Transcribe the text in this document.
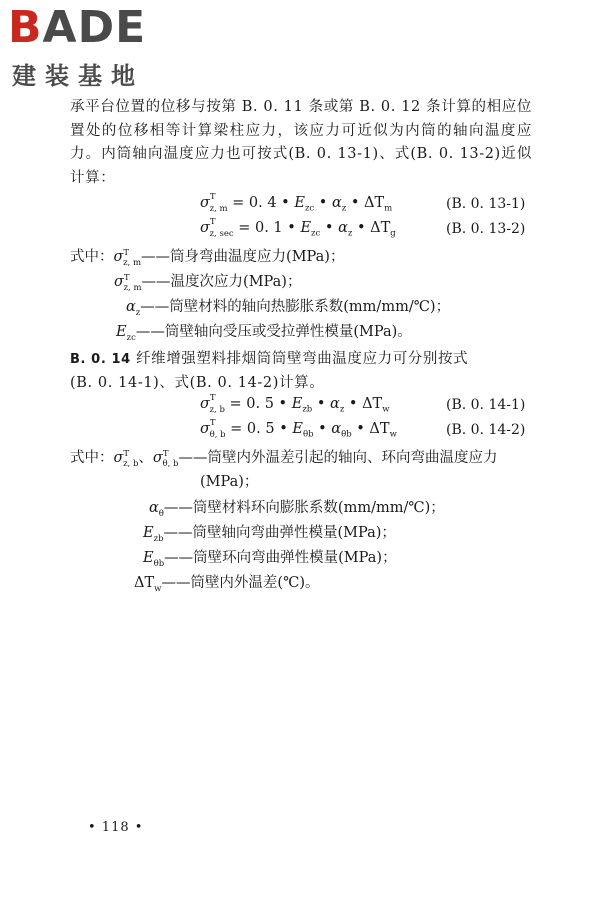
BADE
建装基地
承平台位置的位移与按第 B. 0. 11 条或第 B. 0. 12 条计算的相应位置处的位移相等计算梁柱应力，该应力可近似为内筒的轴向温度应力。内筒轴向温度应力也可按式(B. 0. 13-1)、式(B. 0. 13-2)近似计算：
$\sigma^T_{z, m} = 0$. 4 • $E_{zc}$ • $\alpha_z$ • $\Delta T_m$	(B. 0. 13-1)
$\sigma^T_{z, sec} = 0$. 1 • $E_{zc}$ • $\alpha_z$ • $\Delta T_g$	(B. 0. 13-2)
式中：$\sigma^T_{z, m}——$筒身弯曲温度应力(MPa)；
$\sigma^T_{z, m}——$温度次应力(MPa)；
$\alpha_z——$筒壁材料的轴向热膨胀系数(mm/mm/℃)；
$E_{zc}——$筒壁轴向受压或受拉弹性模量(MPa)。
B. 0. 14 纤维增强塑料排烟筒筒壁弯曲温度应力可分别按式
(B. 0. 14-1)、式(B. 0. 14-2)计算。
$\sigma^T_{z, b} = 0$. 5 • $E_{zb}$ • $\alpha_z$ • $\Delta T_w$	(B. 0. 14-1)
$\sigma^T_{\theta, b} = 0$. 5 • $E_{\theta b}$ • $\alpha_{\theta b}$ • $\Delta T_w$	(B. 0. 14-2)
式中：$\sigma^T_{z, b}$、$\sigma^T_{\theta, b}——$筒壁内外温差引起的轴向、环向弯曲温度应力
(MPa)；
$\alpha_\theta——$筒壁材料环向膨胀系数(mm/mm/℃)；
$E_{zb}——$筒壁轴向弯曲弹性模量(MPa)；
$E_{\theta b}——$筒壁环向弯曲弹性模量(MPa)；
$\Delta T_w——$筒壁内外温差(℃)。
• 118 •
